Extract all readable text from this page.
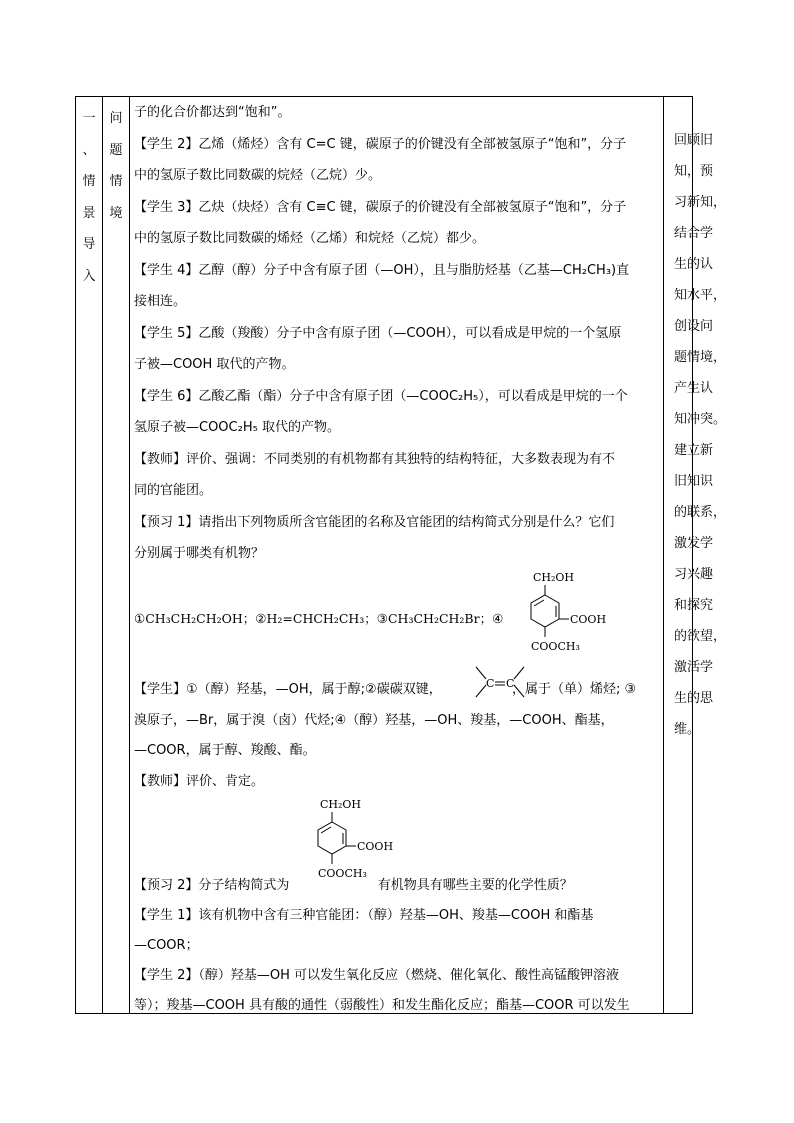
一
、
情
景
导
入
问
题
情
境

子的化合价都达到“饱和”。

【学生 2】乙烯（烯烃）含有 C=C 键，碳原子的价键没有全部被氢原子“饱和”，分子

中的氢原子数比同数碳的烷烃（乙烷）少。

【学生 3】乙炔（炔烃）含有 C≡C 键，碳原子的价键没有全部被氢原子“饱和”，分子

中的氢原子数比同数碳的烯烃（乙烯）和烷烃（乙烷）都少。

【学生 4】乙醇（醇）分子中含有原子团（—OH），且与脂肪烃基（乙基—CH₂CH₃)直

接相连。

【学生 5】乙酸（羧酸）分子中含有原子团（—COOH），可以看成是甲烷的一个氢原

子被—COOH 取代的产物。

【学生 6】乙酸乙酯（酯）分子中含有原子团（—COOC₂H₅），可以看成是甲烷的一个

氢原子被—COOC₂H₅ 取代的产物。

【教师】评价、强调：不同类别的有机物都有其独特的结构特征，大多数表现为有不

同的官能团。

【预习 1】请指出下列物质所含官能团的名称及官能团的结构简式分别是什么？它们

分别属于哪类有机物？

①CH₃CH₂CH₂OH；②H₂=CHCH₂CH₃；③CH₃CH₂CH₂Br；④

CH₂OH
COOH
COOCH₃
C C

【学生】①（醇）羟基，—OH，属于醇;②碳碳双键，	，属于（单）烯烃; ③

溴原子，—Br，属于溴（卤）代烃;④（醇）羟基，—OH、羧基，—COOH、酯基，

—COOR，属于醇、羧酸、酯。

【教师】评价、肯定。

CH₂OH
COOH
COOCH₃

【预习 2】分子结构简式为	有机物具有哪些主要的化学性质？

【学生 1】该有机物中含有三种官能团：（醇）羟基—OH、羧基—COOH 和酯基

—COOR；

【学生 2】（醇）羟基—OH 可以发生氧化反应（燃烧、催化氧化、酸性高锰酸钾溶液

等）；羧基—COOH 具有酸的通性（弱酸性）和发生酯化反应；酯基—COOR 可以发生

回顾旧
知，预
习新知，
结合学
生的认
知水平，
创设问
题情境，
产生认
知冲突。
建立新
旧知识
的联系，
激发学
习兴趣
和探究
的欲望，
激活学
生的思
维。
